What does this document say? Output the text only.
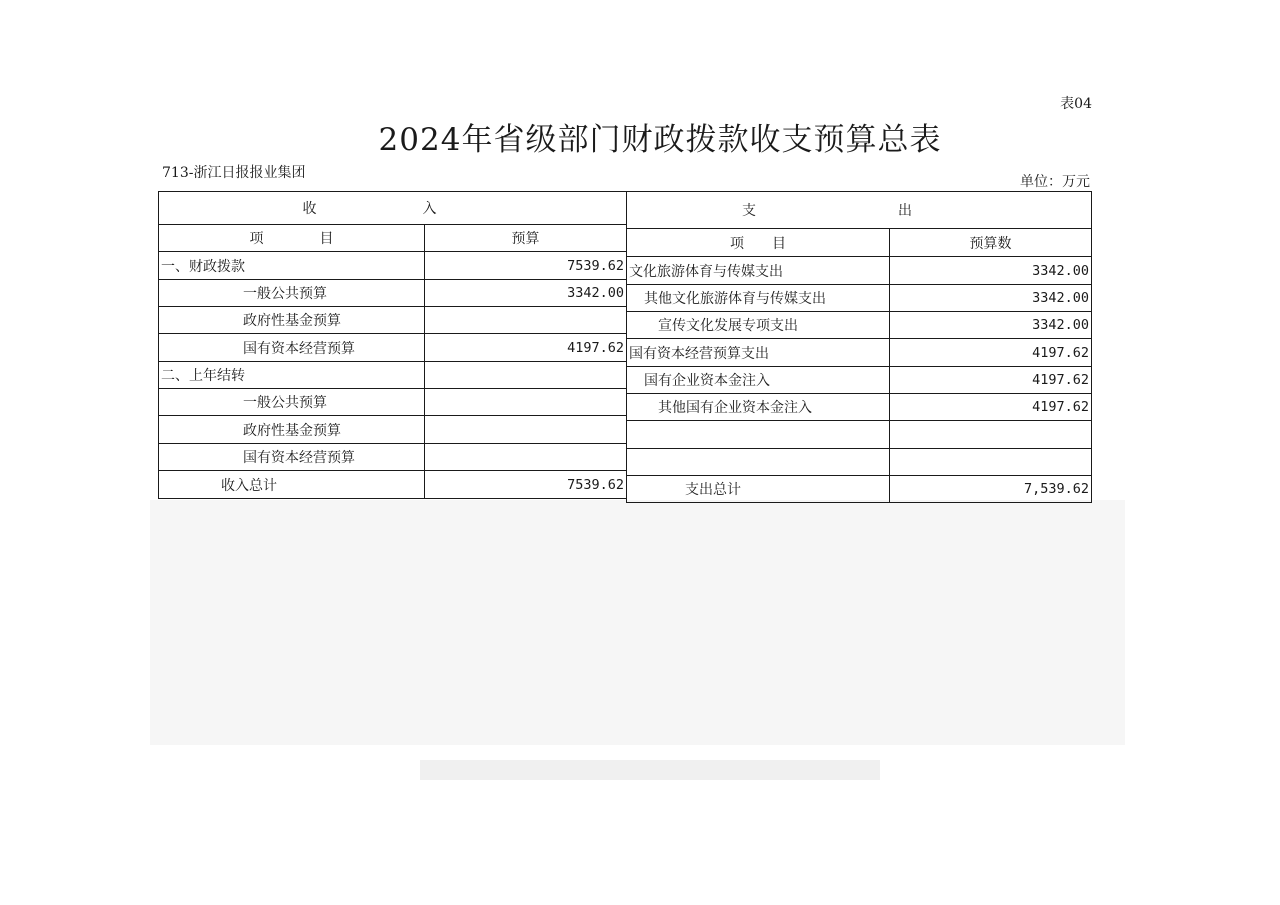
表04
2024年省级部门财政拨款收支预算总表
713-浙江日报报业集团
单位：万元
收　入
项　　　　目	预算
一、财政拨款	7539.62
一般公共预算	3342.00
政府性基金预算
国有资本经营预算	4197.62
二、上年结转
一般公共预算
政府性基金预算
国有资本经营预算
收入总计	7539.62
支　出
项　　目	预算数
文化旅游体育与传媒支出	3342.00
其他文化旅游体育与传媒支出	3342.00
宣传文化发展专项支出	3342.00
国有资本经营预算支出	4197.62
国有企业资本金注入	4197.62
其他国有企业资本金注入	4197.62
支出总计	7,539.62
